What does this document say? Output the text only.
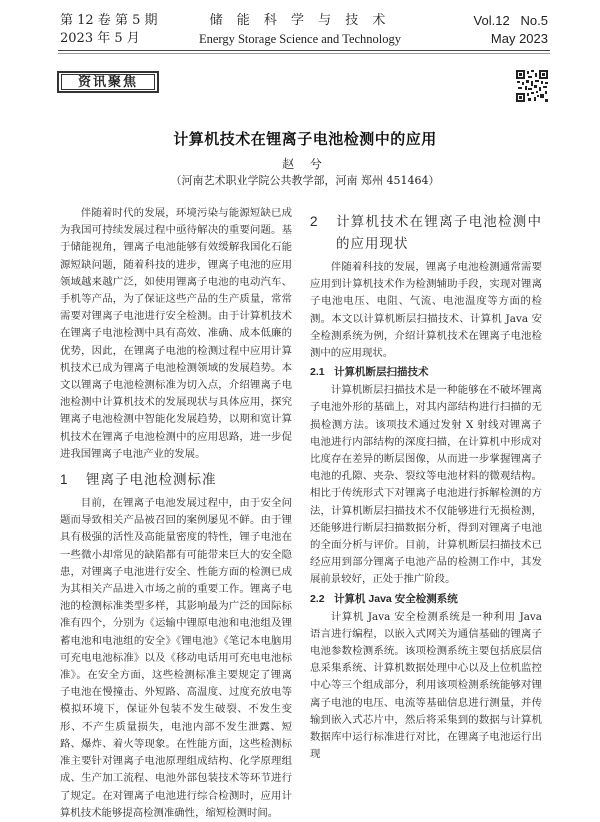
第 12 卷 第 5 期
2023 年 5 月
储 能 科 学 与 技 术
Energy Storage Science and Technology
Vol.12   No.5
May 2023
资讯聚焦
计算机技术在锂离子电池检测中的应用
赵 兮
（河南艺术职业学院公共教学部，河南 郑州 451464）

伴随着时代的发展，环境污染与能源短缺已成为我国可持续发展过程中亟待解决的重要问题。基于储能视角，锂离子电池能够有效缓解我国化石能源短缺问题，随着科技的进步，锂离子电池的应用领域越来越广泛，如使用锂离子电池的电动汽车、手机等产品，为了保证这些产品的生产质量，常常需要对锂离子电池进行安全检测。由于计算机技术在锂离子电池检测中具有高效、准确、成本低廉的优势，因此，在锂离子电池的检测过程中应用计算机技术已成为锂离子电池检测领域的发展趋势。本文以锂离子电池检测标准为切入点，介绍锂离子电池检测中计算机技术的发展现状与具体应用，探究锂离子电池检测中智能化发展趋势，以期和宽计算机技术在锂离子电池检测中的应用思路，进一步促进我国锂离子电池产业的发展。

1	锂离子电池检测标准

目前，在锂离子电池发展过程中，由于安全问题而导致相关产品被召回的案例屡见不鲜。由于锂具有极强的活性及高能量密度的特性，锂子电池在一些微小却常见的缺陷都有可能带来巨大的安全隐患，对锂离子电池进行安全、性能方面的检测已成为其相关产品进入市场之前的重要工作。锂离子电池的检测标准类型多样，其影响最为广泛的国际标准有四个，分别为《运输中锂原电池和电池组及锂蓄电池和电池组的安全》《锂电池》《笔记本电脑用可充电电池标准》以及《移动电话用可充电电池标准》。在安全方面，这些检测标准主要规定了锂离子电池在慢撞击、外短路、高温度、过度充放电等模拟环境下，保证外包装不发生破裂、不发生变形、不产生质量损失，电池内部不发生泄露、短路、爆炸、着火等现象。在性能方面，这些检测标准主要针对锂离子电池原理组成结构、化学原理组成、生产加工流程、电池外部包装技术等环节进行了规定。在对锂离子电池进行综合检测时，应用计算机技术能够提高检测准确性，缩短检测时间。

2	计算机技术在锂离子电池检测中的应用现状

伴随着科技的发展，锂离子电池检测通常需要应用到计算机技术作为检测辅助手段，实现对锂离子电池电压、电阻、气流、电池温度等方面的检测。本文以计算机断层扫描技术、计算机 Java 安全检测系统为例，介绍计算机技术在锂离子电池检测中的应用现状。

2.1 计算机断层扫描技术

计算机断层扫描技术是一种能够在不破坏锂离子电池外形的基础上，对其内部结构进行扫描的无损检测方法。该项技术通过发射 X 射线对锂离子电池进行内部结构的深度扫描，在计算机中形成对比度存在差异的断层图像，从而进一步掌握锂离子电池的孔隙、夹杂、裂纹等电池材料的微观结构。相比于传统形式下对锂离子电池进行拆解检测的方法，计算机断层扫描技术不仅能够进行无损检测，还能够进行断层扫描数据分析，得到对锂离子电池的全面分析与评价。目前，计算机断层扫描技术已经应用到部分锂离子电池产品的检测工作中，其发展前景较好，正处于推广阶段。

2.2 计算机 Java 安全检测系统

计算机 Java 安全检测系统是一种利用 Java 语言进行编程，以嵌入式网关为通信基础的锂离子电池参数检测系统。该项检测系统主要包括底层信息采集系统、计算机数据处理中心以及上位机监控中心等三个组成部分，利用该项检测系统能够对锂离子电池的电压、电流等基础信息进行测量，并传输到嵌入式芯片中，然后将采集到的数据与计算机数据库中运行标准进行对比，在锂离子电池运行出现
